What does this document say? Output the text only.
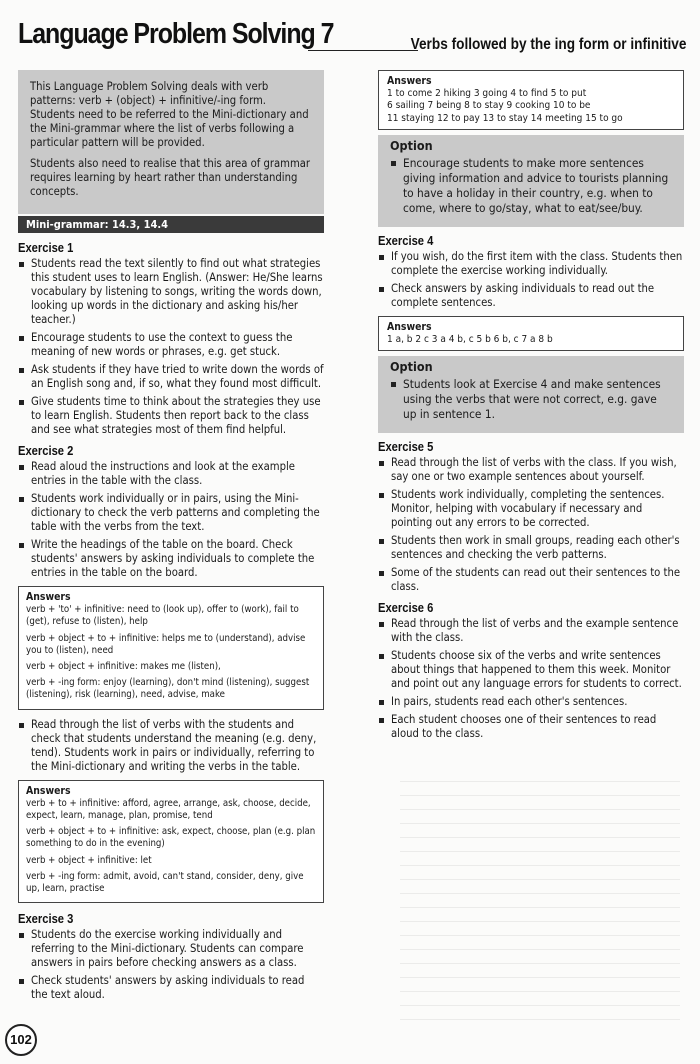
Language Problem Solving 7	Verbs followed by the ing form or infinitive

This Language Problem Solving deals with verb patterns: verb + (object) + infinitive/-ing form. Students need to be referred to the Mini-dictionary and the Mini-grammar where the list of verbs following a particular pattern will be provided.

Students also need to realise that this area of grammar requires learning by heart rather than understanding concepts.

Mini-grammar: 14.3, 14.4
Exercise 1
Students read the text silently to find out what strategies this student uses to learn English. (Answer: He/She learns vocabulary by listening to songs, writing the words down, looking up words in the dictionary and asking his/her teacher.)
Encourage students to use the context to guess the meaning of new words or phrases, e.g. get stuck.
Ask students if they have tried to write down the words of an English song and, if so, what they found most difficult.
Give students time to think about the strategies they use to learn English. Students then report back to the class and see what strategies most of them find helpful.
Exercise 2
Read aloud the instructions and look at the example entries in the table with the class.
Students work individually or in pairs, using the Mini-dictionary to check the verb patterns and completing the table with the verbs from the text.
Write the headings of the table on the board. Check students' answers by asking individuals to complete the entries in the table on the board.
Answers

verb + 'to' + infinitive: need to (look up), offer to (work), fail to (get), refuse to (listen), help

verb + object + to + infinitive: helps me to (understand), advise you to (listen), need

verb + object + infinitive: makes me (listen),

verb + -ing form: enjoy (learning), don't mind (listening), suggest (listening), risk (learning), need, advise, make

Read through the list of verbs with the students and check that students understand the meaning (e.g. deny, tend). Students work in pairs or individually, referring to the Mini-dictionary and writing the verbs in the table.
Answers

verb + to + infinitive: afford, agree, arrange, ask, choose, decide, expect, learn, manage, plan, promise, tend

verb + object + to + infinitive: ask, expect, choose, plan (e.g. plan something to do in the evening)

verb + object + infinitive: let

verb + -ing form: admit, avoid, can't stand, consider, deny, give up, learn, practise

Exercise 3
Students do the exercise working individually and referring to the Mini-dictionary. Students can compare answers in pairs before checking answers as a class.
Check students' answers by asking individuals to read the text aloud.
Answers
1 to come 2 hiking 3 going 4 to find 5 to put
6 sailing 7 being 8 to stay 9 cooking 10 to be
11 staying 12 to pay 13 to stay 14 meeting 15 to go
Option
Encourage students to make more sentences giving information and advice to tourists planning to have a holiday in their country, e.g. when to come, where to go/stay, what to eat/see/buy.
Exercise 4
If you wish, do the first item with the class. Students then complete the exercise working individually.
Check answers by asking individuals to read out the complete sentences.
Answers
1 a, b 2 c 3 a 4 b, c 5 b 6 b, c 7 a 8 b
Option
Students look at Exercise 4 and make sentences using the verbs that were not correct, e.g. gave up in sentence 1.
Exercise 5
Read through the list of verbs with the class. If you wish, say one or two example sentences about yourself.
Students work individually, completing the sentences. Monitor, helping with vocabulary if necessary and pointing out any errors to be corrected.
Students then work in small groups, reading each other's sentences and checking the verb patterns.
Some of the students can read out their sentences to the class.
Exercise 6
Read through the list of verbs and the example sentence with the class.
Students choose six of the verbs and write sentences about things that happened to them this week. Monitor and point out any language errors for students to correct.
In pairs, students read each other's sentences.
Each student chooses one of their sentences to read aloud to the class.
102
